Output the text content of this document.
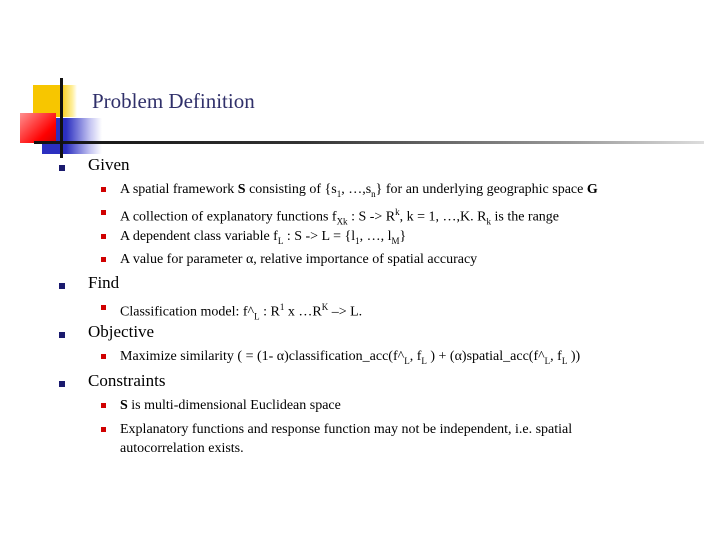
Problem Definition
Given
A spatial framework S consisting of {$s_1$, $\dots,s_n$} for an underlying geographic space G
A collection of explanatory functions $f_{Xk}$ : $S -> R^k$, k = 1, …,K. $R_k$ is the range
A dependent class variable $f_L$ : $S -> L = \{l_1$, …, $l_M$}
A value for parameter α, relative importance of spatial accuracy
Find
Classification model: $f\^{}_L$ : $R^1$ x $\dots R^K -> L$.
Objective
Maximize similarity ( = (1- $\alpha)classification\_acc(f\^{}_L$, $f_L$ ) + $(\alpha)spatial\_acc(f\^{}_L$, $f_L$ ))
Constraints
S is multi-dimensional Euclidean space
Explanatory functions and response function may not be independent, i.e. spatial autocorrelation exists.
